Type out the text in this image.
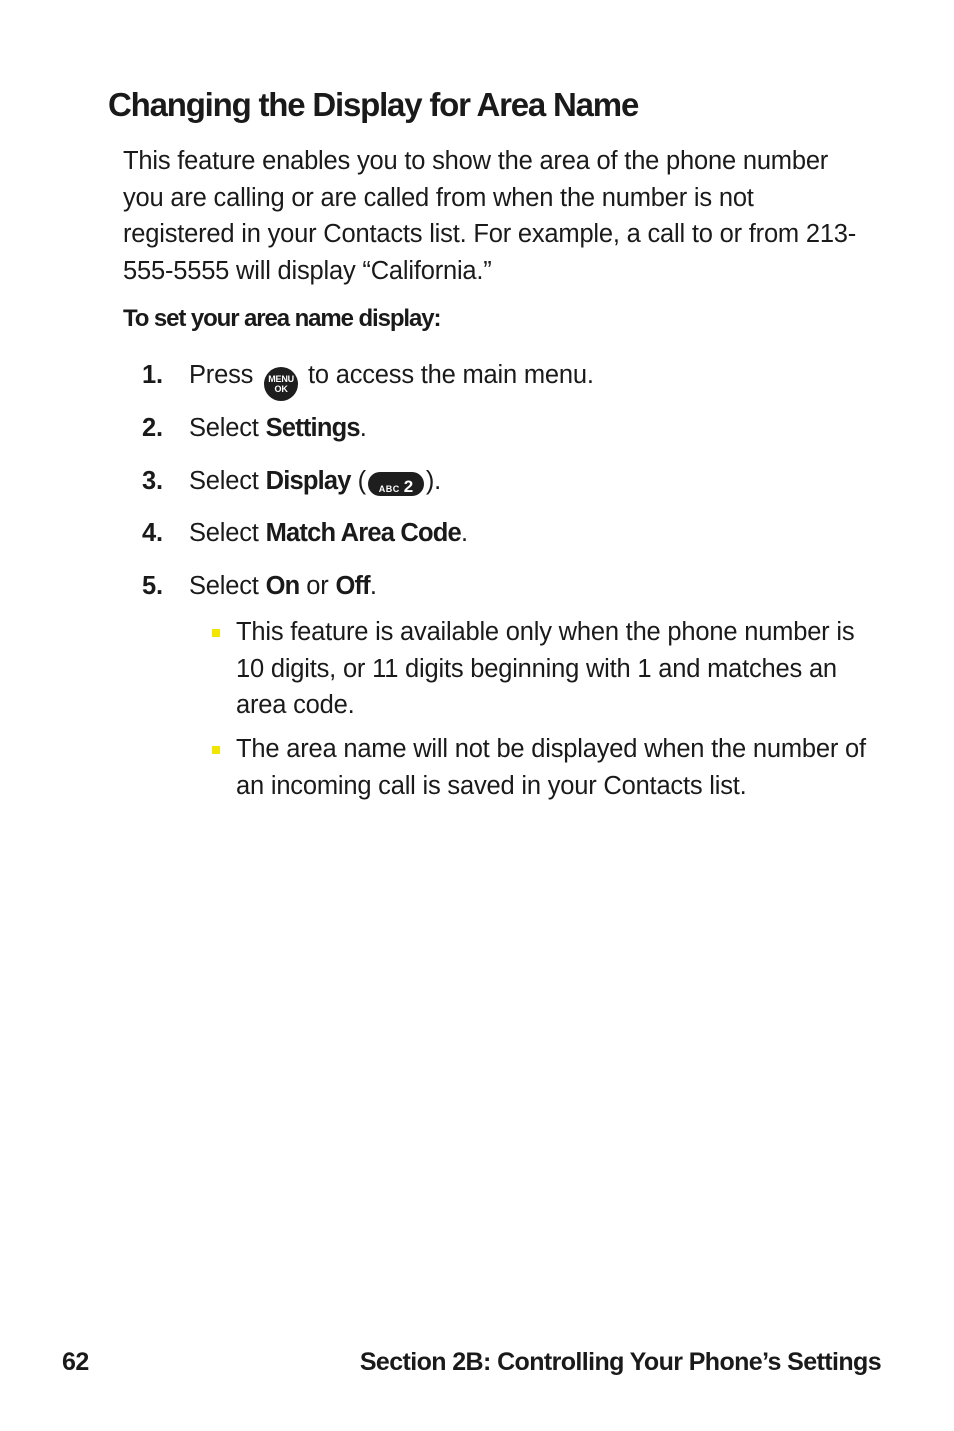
Changing the Display for Area Name

This feature enables you to show the area of the phone number you are calling or are called from when the number is not registered in your Contacts list. For example, a call to or from 213-555-5555 will display “California.”

To set your area name display:

1. Press	MENU
OK to access the main menu.
2. Select Settings.
3. Select Display ( ABC 2 ).
4. Select Match Area Code.
5. Select On or Off.

This feature is available only when the phone number is 10 digits, or 11 digits beginning with 1 and matches an area code.

The area name will not be displayed when the number of an incoming call is saved in your Contacts list.

62	Section 2B: Controlling Your Phone’s Settings
